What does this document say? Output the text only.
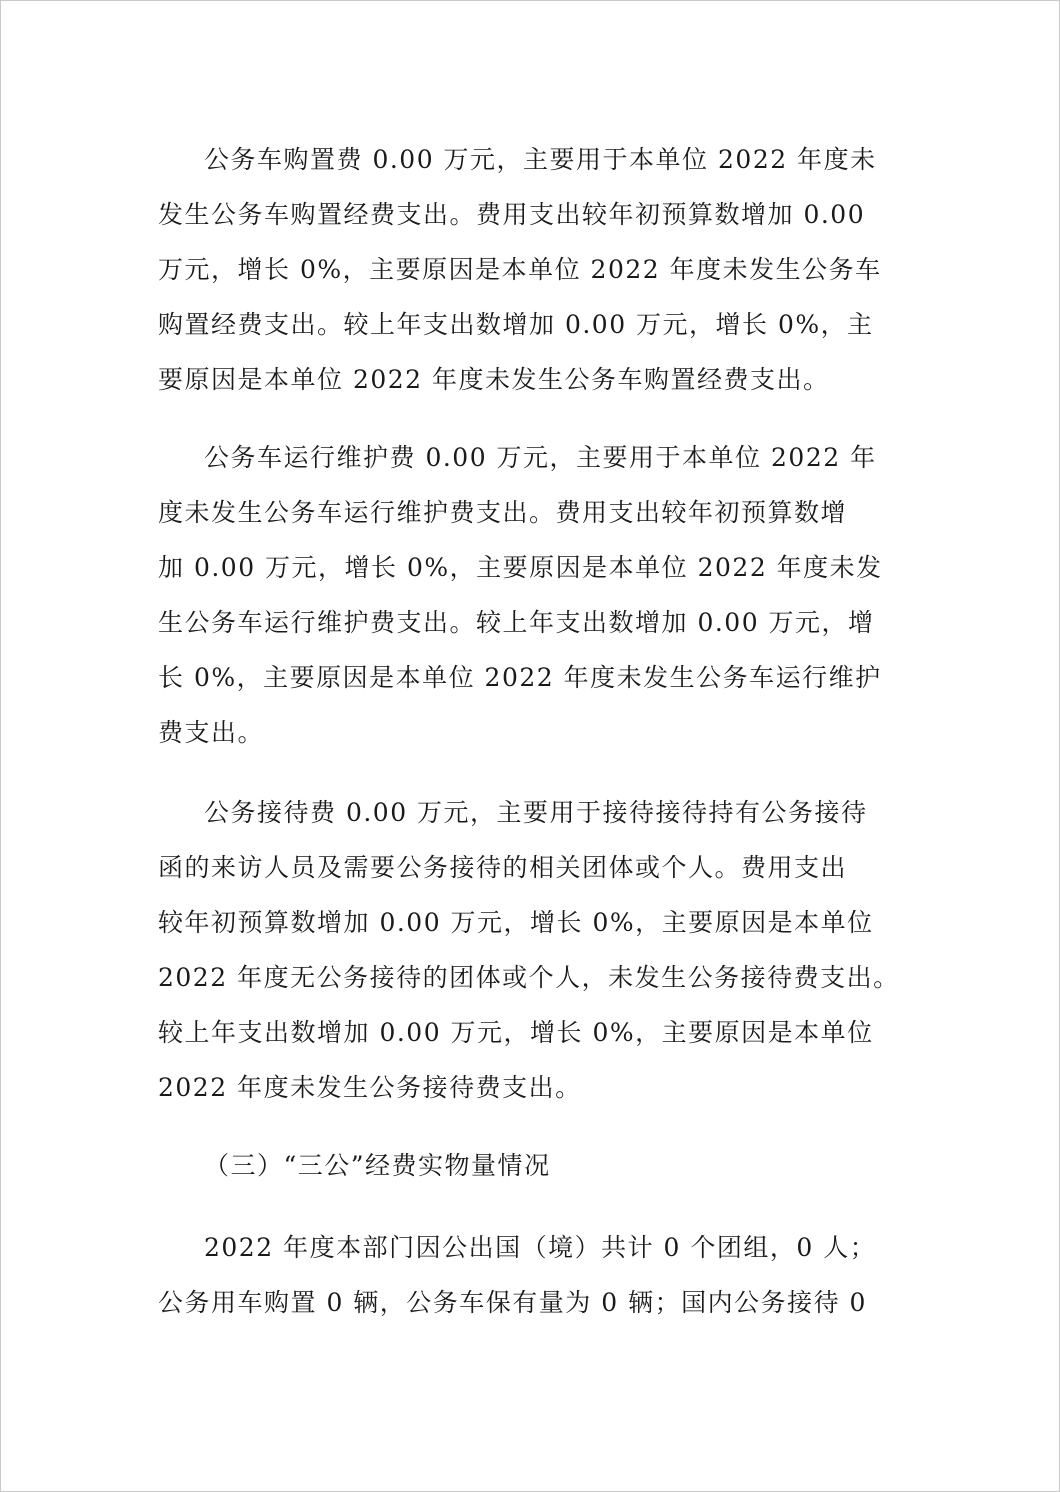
公务车购置费 0.00 万元，主要用于本单位 2022 年度未
发生公务车购置经费支出。费用支出较年初预算数增加 0.00
万元，增长 0%，主要原因是本单位 2022 年度未发生公务车
购置经费支出。较上年支出数增加 0.00 万元，增长 0%，主
要原因是本单位 2022 年度未发生公务车购置经费支出。
公务车运行维护费 0.00 万元，主要用于本单位 2022 年
度未发生公务车运行维护费支出。费用支出较年初预算数增
加 0.00 万元，增长 0%，主要原因是本单位 2022 年度未发
生公务车运行维护费支出。较上年支出数增加 0.00 万元，增
长 0%，主要原因是本单位 2022 年度未发生公务车运行维护
费支出。
公务接待费 0.00 万元，主要用于接待接待持有公务接待
函的来访人员及需要公务接待的相关团体或个人。费用支出
较年初预算数增加 0.00 万元，增长 0%，主要原因是本单位
2022 年度无公务接待的团体或个人，未发生公务接待费支出。
较上年支出数增加 0.00 万元，增长 0%，主要原因是本单位
2022 年度未发生公务接待费支出。
（三）“三公”经费实物量情况
2022 年度本部门因公出国（境）共计 0 个团组，0 人；
公务用车购置 0 辆，公务车保有量为 0 辆；国内公务接待 0
